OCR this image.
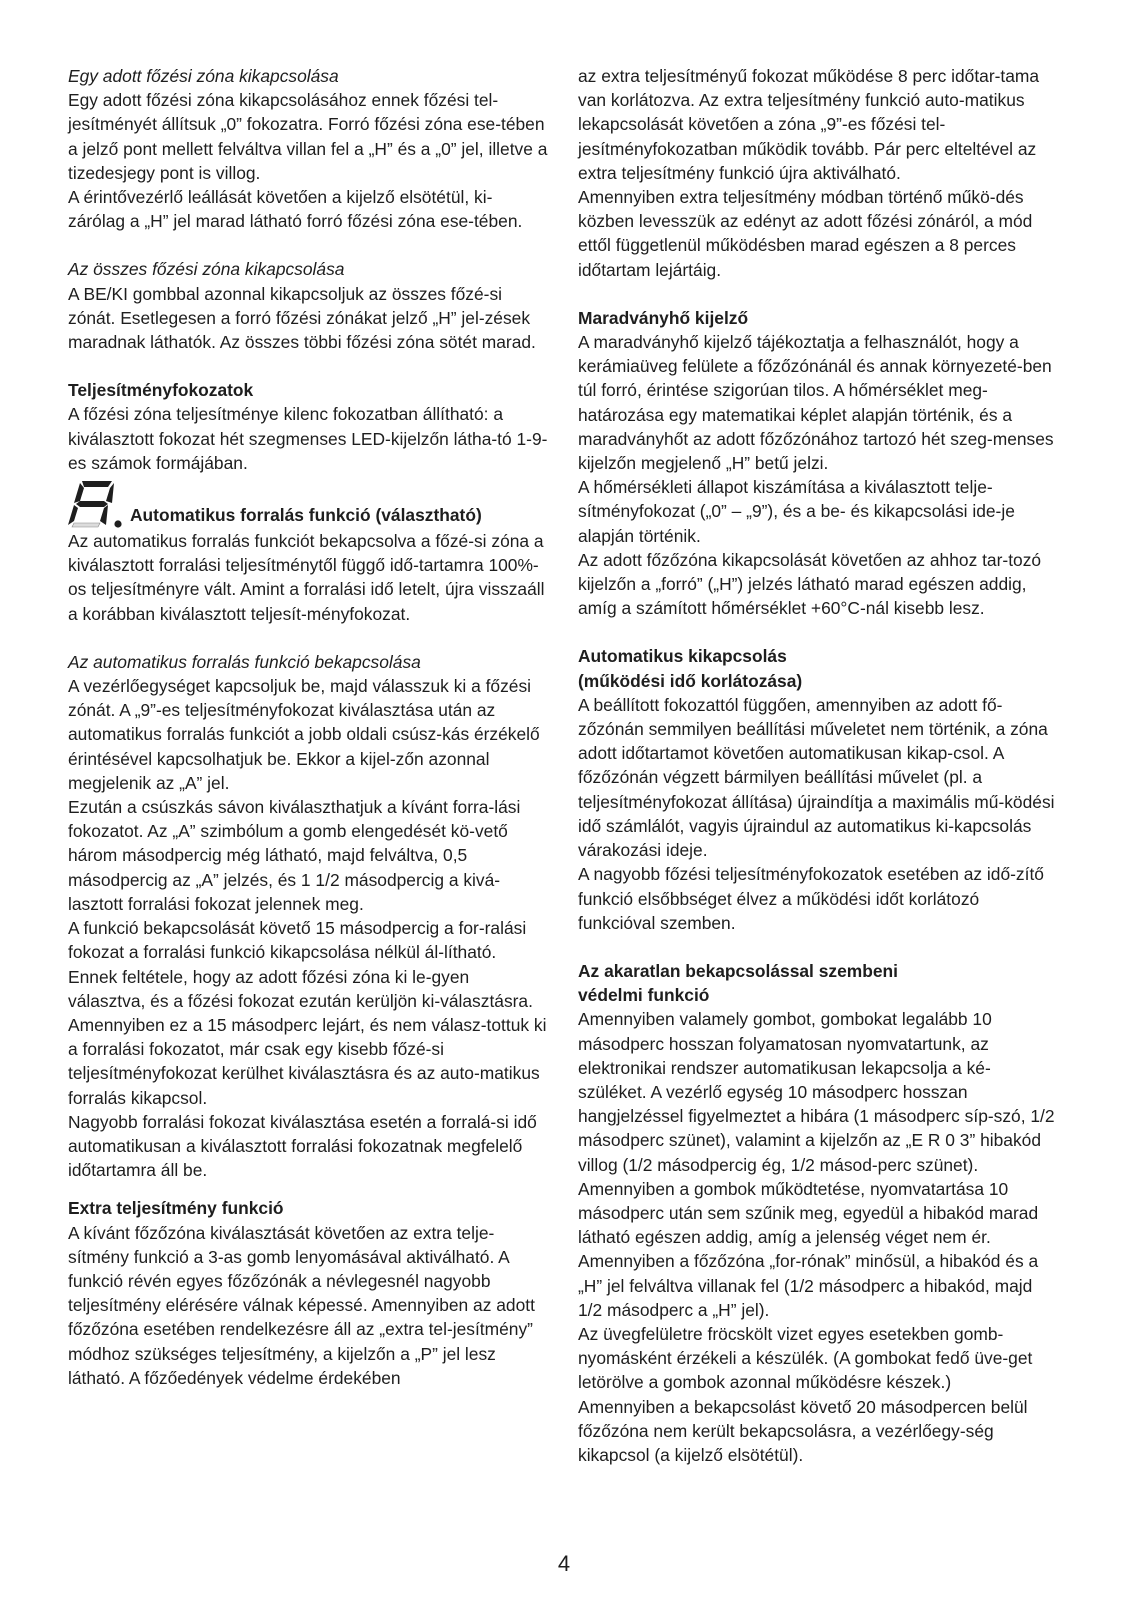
Egy adott főzési zóna kikapcsolása

Egy adott főzési zóna kikapcsolásához ennek főzési tel-jesítményét állítsuk „0” fokozatra. Forró főzési zóna ese-tében a jelző pont mellett felváltva villan fel a „H” és a „0” jel, illetve a tizedesjegy pont is villog.

A érintővezérlő leállását követően a kijelző elsötétül, ki-zárólag a „H” jel marad látható forró főzési zóna ese-tében.

Az összes főzési zóna kikapcsolása

A BE/KI gombbal azonnal kikapcsoljuk az összes főzé-si zónát. Esetlegesen a forró főzési zónákat jelző „H” jel-zések maradnak láthatók. Az összes többi főzési zóna sötét marad.

Teljesítményfokozatok

A főzési zóna teljesítménye kilenc fokozatban állítható: a kiválasztott fokozat hét szegmenses LED-kijelzőn látha-tó 1-9-es számok formájában.

Automatikus forralás funkció (választható)

Az automatikus forralás funkciót bekapcsolva a főzé-si zóna a kiválasztott forralási teljesítménytől függő idő-tartamra 100%-os teljesítményre vált. Amint a forralási idő letelt, újra visszaáll a korábban kiválasztott teljesít-ményfokozat.

Az automatikus forralás funkció bekapcsolása

A vezérlőegységet kapcsoljuk be, majd válasszuk ki a főzési zónát. A „9”-es teljesítményfokozat kiválasztása után az automatikus forralás funkciót a jobb oldali csúsz-kás érzékelő érintésével kapcsolhatjuk be. Ekkor a kijel-zőn azonnal megjelenik az „A” jel.

Ezután a csúszkás sávon kiválaszthatjuk a kívánt forra-lási fokozatot. Az „A” szimbólum a gomb elengedését kö-vető három másodpercig még látható, majd felváltva, 0,5 másodpercig az „A” jelzés, és 1 1/2 másodpercig a kivá-lasztott forralási fokozat jelennek meg.

A funkció bekapcsolását követő 15 másodpercig a for-ralási fokozat a forralási funkció kikapcsolása nélkül ál-lítható. Ennek feltétele, hogy az adott főzési zóna ki le-gyen választva, és a főzési fokozat ezután kerüljön ki-választásra.

Amennyiben ez a 15 másodperc lejárt, és nem válasz-tottuk ki a forralási fokozatot, már csak egy kisebb főzé-si teljesítményfokozat kerülhet kiválasztásra és az auto-matikus forralás kikapcsol.

Nagyobb forralási fokozat kiválasztása esetén a forralá-si idő automatikusan a kiválasztott forralási fokozatnak megfelelő időtartamra áll be.

Extra teljesítmény funkció

A kívánt főzőzóna kiválasztását követően az extra telje-sítmény funkció a 3-as gomb lenyomásával aktiválható. A funkció révén egyes főzőzónák a névlegesnél nagyobb teljesítmény elérésére válnak képessé. Amennyiben az adott főzőzóna esetében rendelkezésre áll az „extra tel-jesítmény” módhoz szükséges teljesítmény, a kijelzőn a „P” jel lesz látható. A főzőedények védelme érdekében

az extra teljesítményű fokozat működése 8 perc időtar-tama van korlátozva. Az extra teljesítmény funkció auto-matikus lekapcsolását követően a zóna „9”-es főzési tel-jesítményfokozatban működik tovább. Pár perc elteltével az extra teljesítmény funkció újra aktiválható.

Amennyiben extra teljesítmény módban történő műkö-dés közben levesszük az edényt az adott főzési zónáról, a mód ettől függetlenül működésben marad egészen a 8 perces időtartam lejártáig.

Maradványhő kijelző

A maradványhő kijelző tájékoztatja a felhasználót, hogy a kerámiaüveg felülete a főzőzónánál és annak környezeté-ben túl forró, érintése szigorúan tilos. A hőmérséklet meg-határozása egy matematikai képlet alapján történik, és a maradványhőt az adott főzőzónához tartozó hét szeg-menses kijelzőn megjelenő „H” betű jelzi.

A hőmérsékleti állapot kiszámítása a kiválasztott telje-sítményfokozat („0” – „9”), és a be- és kikapcsolási ide-je alapján történik.

Az adott főzőzóna kikapcsolását követően az ahhoz tar-tozó kijelzőn a „forró” („H”) jelzés látható marad egészen addig, amíg a számított hőmérséklet +60°C-nál kisebb lesz.

Automatikus kikapcsolás

(működési idő korlátozása)

A beállított fokozattól függően, amennyiben az adott fő-zőzónán semmilyen beállítási műveletet nem történik, a zóna adott időtartamot követően automatikusan kikap-csol. A főzőzónán végzett bármilyen beállítási művelet (pl. a teljesítményfokozat állítása) újraindítja a maximális mű-ködési idő számlálót, vagyis újraindul az automatikus ki-kapcsolás várakozási ideje.

A nagyobb főzési teljesítményfokozatok esetében az idő-zítő funkció elsőbbséget élvez a működési időt korlátozó funkcióval szemben.

Az akaratlan bekapcsolással szembeni

védelmi funkció

Amennyiben valamely gombot, gombokat legalább 10 másodperc hosszan folyamatosan nyomvatartunk, az elektronikai rendszer automatikusan lekapcsolja a ké-szüléket. A vezérlő egység 10 másodperc hosszan hangjelzéssel figyelmeztet a hibára (1 másodperc síp-szó, 1/2 másodperc szünet), valamint a kijelzőn az „E R 0 3” hibakód villog (1/2 másodpercig ég, 1/2 másod-perc szünet). Amennyiben a gombok működtetése, nyomvatartása 10 másodperc után sem szűnik meg, egyedül a hibakód marad látható egészen addig, amíg a jelenség véget nem ér. Amennyiben a főzőzóna „for-rónak” minősül, a hibakód és a „H” jel felváltva villanak fel (1/2 másodperc a hibakód, majd 1/2 másodperc a „H” jel).

Az üvegfelületre fröcskölt vizet egyes esetekben gomb-nyomásként érzékeli a készülék. (A gombokat fedő üve-get letörölve a gombok azonnal működésre készek.)

Amennyiben a bekapcsolást követő 20 másodpercen belül főzőzóna nem került bekapcsolásra, a vezérlőegy-ség kikapcsol (a kijelző elsötétül).

4
